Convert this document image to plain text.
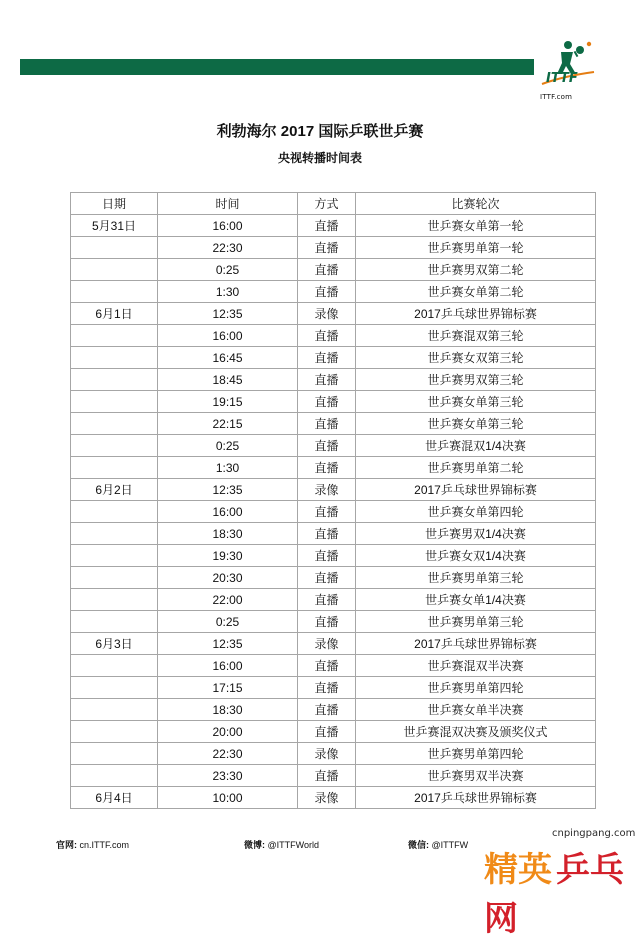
ITTF
ITTF.com
利勃海尔 2017 国际乒联世乒赛
央视转播时间表
日期	时间	方式	比赛轮次
5月31日	16:00	直播	世乒赛女单第一轮
	22:30	直播	世乒赛男单第一轮
	0:25	直播	世乒赛男双第二轮
	1:30	直播	世乒赛女单第二轮
6月1日	12:35	录像	2017乒乓球世界锦标赛
	16:00	直播	世乒赛混双第三轮
	16:45	直播	世乒赛女双第三轮
	18:45	直播	世乒赛男双第三轮
	19:15	直播	世乒赛女单第三轮
	22:15	直播	世乒赛女单第三轮
	0:25	直播	世乒赛混双1/4决赛
	1:30	直播	世乒赛男单第二轮
6月2日	12:35	录像	2017乒乓球世界锦标赛
	16:00	直播	世乒赛女单第四轮
	18:30	直播	世乒赛男双1/4决赛
	19:30	直播	世乒赛女双1/4决赛
	20:30	直播	世乒赛男单第三轮
	22:00	直播	世乒赛女单1/4决赛
	0:25	直播	世乒赛男单第三轮
6月3日	12:35	录像	2017乒乓球世界锦标赛
	16:00	直播	世乒赛混双半决赛
	17:15	直播	世乒赛男单第四轮
	18:30	直播	世乒赛女单半决赛
	20:00	直播	世乒赛混双决赛及颁奖仪式
	22:30	录像	世乒赛男单第四轮
	23:30	直播	世乒赛男双半决赛
6月4日	10:00	录像	2017乒乓球世界锦标赛
官网: cn.ITTF.com	微博: @ITTFWorld	微信: @ITTFW
cnpingpang.com
精英 乒乓网
